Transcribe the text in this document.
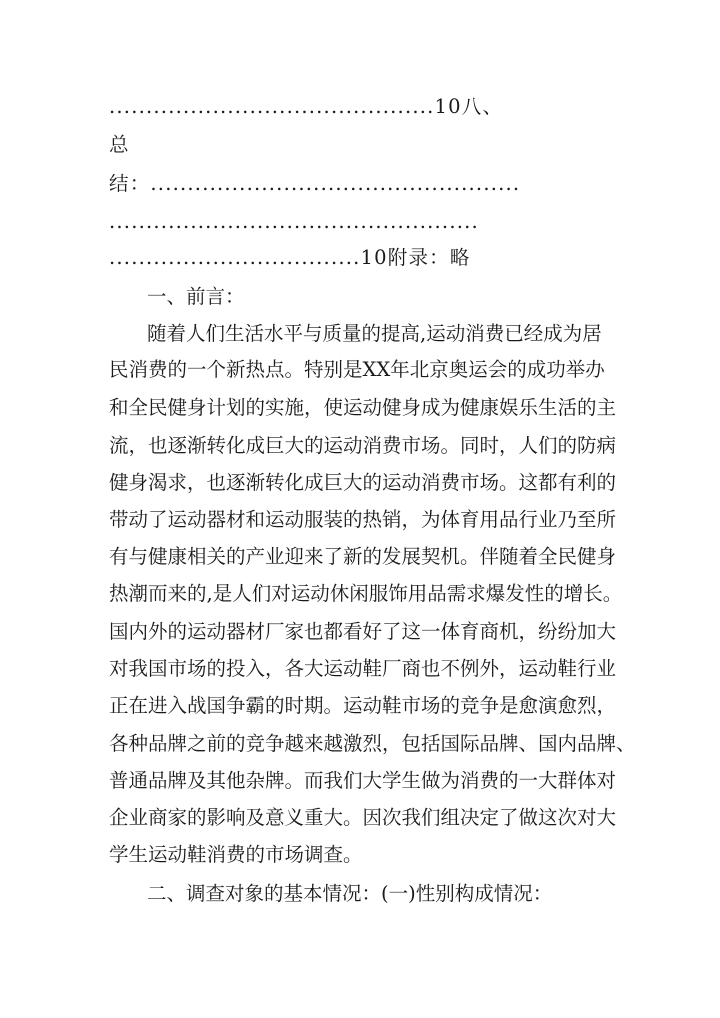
............................................10八、
总
结：..................................................
..................................................
..................................10附录：略
一、前言：
随着人们生活水平与质量的提高,运动消费已经成为居
民消费的一个新热点。特别是XX年北京奥运会的成功举办
和全民健身计划的实施，使运动健身成为健康娱乐生活的主
流，也逐渐转化成巨大的运动消费市场。同时，人们的防病
健身渴求，也逐渐转化成巨大的运动消费市场。这都有利的
带动了运动器材和运动服装的热销，为体育用品行业乃至所
有与健康相关的产业迎来了新的发展契机。伴随着全民健身
热潮而来的,是人们对运动休闲服饰用品需求爆发性的增长。
国内外的运动器材厂家也都看好了这一体育商机，纷纷加大
对我国市场的投入，各大运动鞋厂商也不例外，运动鞋行业
正在进入战国争霸的时期。运动鞋市场的竞争是愈演愈烈，
各种品牌之前的竞争越来越激烈，包括国际品牌、国内品牌、
普通品牌及其他杂牌。而我们大学生做为消费的一大群体对
企业商家的影响及意义重大。因次我们组决定了做这次对大
学生运动鞋消费的市场调查。
二、调查对象的基本情况：(一)性别构成情况：
